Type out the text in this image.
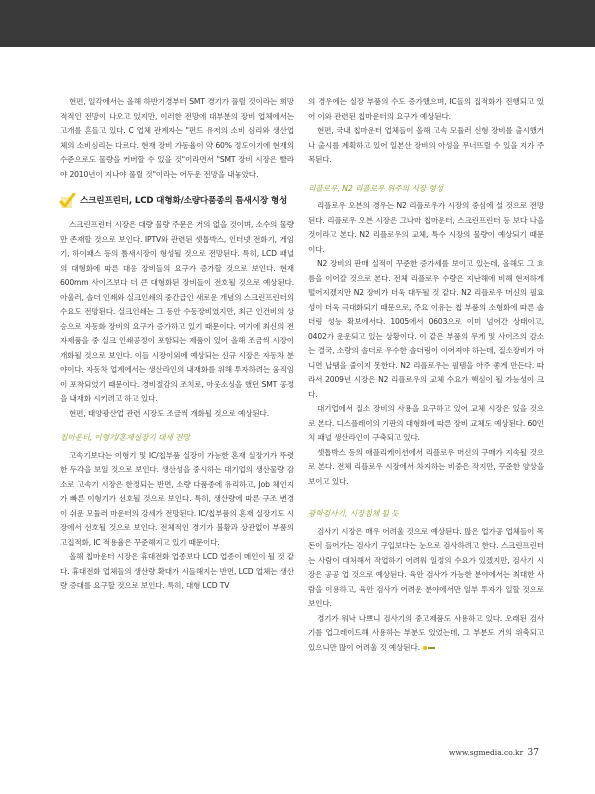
현편, 일각에서는 올해 하반기경부터 SMT 경기가 풀릴 것이라는 희망적적인 전망이 나오고 있지만, 이러한 전망에 대부분의 장비 업체에서는 고개를 흔들고 있다. C 업체 관계자는 "펀드 유저의 소비 심리와 생산업체의 소비심리는 다르다. 현재 장비 가동율이 약 60% 정도이기에 현재의 수준으로도 물량을 커버할 수 있을 것"이라면서 "SMT 장비 시장은 빨라야 2010년이 지나야 풀릴 것"이라는 어두운 전망을 내놓았다.

스크린프린터, LCD 대형화/소량다품종의 틈새시장 형성

스크린프린터 시장은 대량 물량 주문은 거의 없을 것이며, 소수의 물량만 존재할 것으로 보인다. IPTV와 관련된 셋톱박스, 인터넷 전화기, 게임기, 하이패스 등의 틈새시장이 형성될 것으로 전망된다. 특히, LCD 패널의 대형화에 따른 대응 장비들의 요구가 증가할 것으로 보인다. 현재 600mm 사이즈보다 더 큰 대형화된 장비들이 전호될 것으로 예상된다. 아울러, 솔더 인쇄와 실크인쇄의 중간급인 새로운 개념의 스크린프린터의 수요도 전망된다. 실크인쇄는 그 동안 수동장비였지만, 최근 인건비의 상승으로 자동화 장비의 요구가 증가하고 있기 때문이다. 여기에 최신의 전자제품을 중 실크 인쇄공정이 포함되는 제품이 있어 올해 조금씩 시장이 개화될 것으로 보인다. 이들 시장이외에 예상되는 신규 시장은 자동차 분야이다. 자동차 업계에서는 생산라인의 내재화를 위해 투자하려는 움직임이 포착되었기 때문이다. 경비절감의 조치로, 아웃소싱을 했던 SMT 공정을 내재화 시키려고 하고 있다.

현편, 태양광산업 관련 시장도 조금씩 개화될 것으로 예상된다.

칩마운터, 이형기/혼재실장기 대세 전망

고속기보다는 이형기 및 IC/칩부품 실장이 가능한 혼재 실장기가 뚜렷한 두각을 보일 것으로 보인다. 생산성을 중시하는 대기업의 생산물량 감소로 고속기 시장은 한정되는 반면, 소량 다품종에 유리하고, Job 체인지가 빠른 이형기가 선호될 것으로 보인다. 특히, 생산량에 따른 구조 변경이 쉬운 모듈러 마운터의 강세가 전망된다. IC/칩부품의 혼재 실장기도 시장에서 선호될 것으로 보인다. 전체적인 경기가 불황과 상관없이 부품의 고집적화, IC 적용율은 꾸준해지고 있기 때문이다.

올해 칩마운터 시장은 휴대전화 업종보다 LCD 업종이 메인이 될 것 같다. 휴대전화 업체들의 생산량 확대가 시들해지는 반면, LCD 업체는 생산량 증대를 요구할 것으로 보인다. 특히, 대형 LCD TV

의 경우에는 실장 부품의 수도 증가했으며, IC들의 집적화가 진행되고 있어 이와 관련된 칩마운터의 요구가 예상된다.

현편, 국내 칩마운터 업체들이 올해 고속 모듈러 신형 장비를 출시했거나 출시를 계획하고 있어 일본산 장비의 아성을 무너뜨릴 수 있을 지가 주목된다.

리플로우, N2 리플로우 위주의 시장 형성

리플로우 오븐의 경우는 N2 리플로우가 시장의 중심에 설 것으로 전망된다. 리플로우 오븐 시장은 그나마 칩마운터, 스크린프린터 등 보다 나을 것이라고 본다. N2 리플로우의 교체, 특수 시장의 물량이 예상되기 때문이다.

N2 장비의 판매 실적이 꾸준한 증가세를 보이고 있는데, 올해도 그 흐름을 이어갈 것으로 본다. 전체 리플로우 수량은 지난해에 비해 현저하게 떨어지겠지만 N2 장비가 더욱 대두될 것 같다. N2 리플로우 머신의 필요성이 더욱 극대화되기 때문으로, 주요 이유는 칩 부품의 소형화에 따른 솔더링 성능 확보에서다. 1005에서 0603으로 이미 넘어간 상태이고, 0402가 운운되고 있는 상황이다. 이 같은 부품의 무게 및 사이즈의 감소는 결국, 소량의 솔더로 우수한 솔더링이 이어져야 하는데, 질소장비가 아니면 납땜을 줄이지 못한다. N2 리플로우는 필템을 아주 좋게 만든다. 따라서 2009년 시장은 N2 리플로우의 교체 수요가 핵심이 될 가능성이 크다.

대기업에서 질소 장비의 사용을 요구하고 있어 교체 시장은 있을 것으로 본다. 디스플레이의 기판의 대형화에 따른 장비 교체도 예상된다. 60인치 패널 생산라인이 구축되고 있다.

셋톱박스 등의 애플리케이션에서 리플로우 머신의 구매가 지속될 것으로 본다. 전체 리플로우 시장에서 차지하는 비중은 작지만, 꾸준한 양상을 보이고 있다.

광학검사기, 시장침체 될 듯

검사기 시장은 매우 어려울 것으로 예상된다. 많은 업가공 업체들이 목돈이 들어가는 검사기 구입보다는 눈으로 검사하려고 한다. 스크린프린터는 사람이 대처해서 작업하기 어려워 일정의 수요가 있겠지만, 검사기 시장은 공공 업 것으로 예상된다. 육안 검사가 가능한 분야에서는 최대한 사람을 이용하고, 육안 검사가 어려운 분야에서만 일부 투자가 일할 것으로 보인다.

경기가 워낙 나쁘니 검사기의 중고제품도 사용하고 있다. 오래된 검사기를 업그레이드해 사용하는 부분도 있었는데, 그 부분도 거의 위축되고 있으니만 많이 어려울 것 예상된다.

www.sgmedia.co.kr 37
